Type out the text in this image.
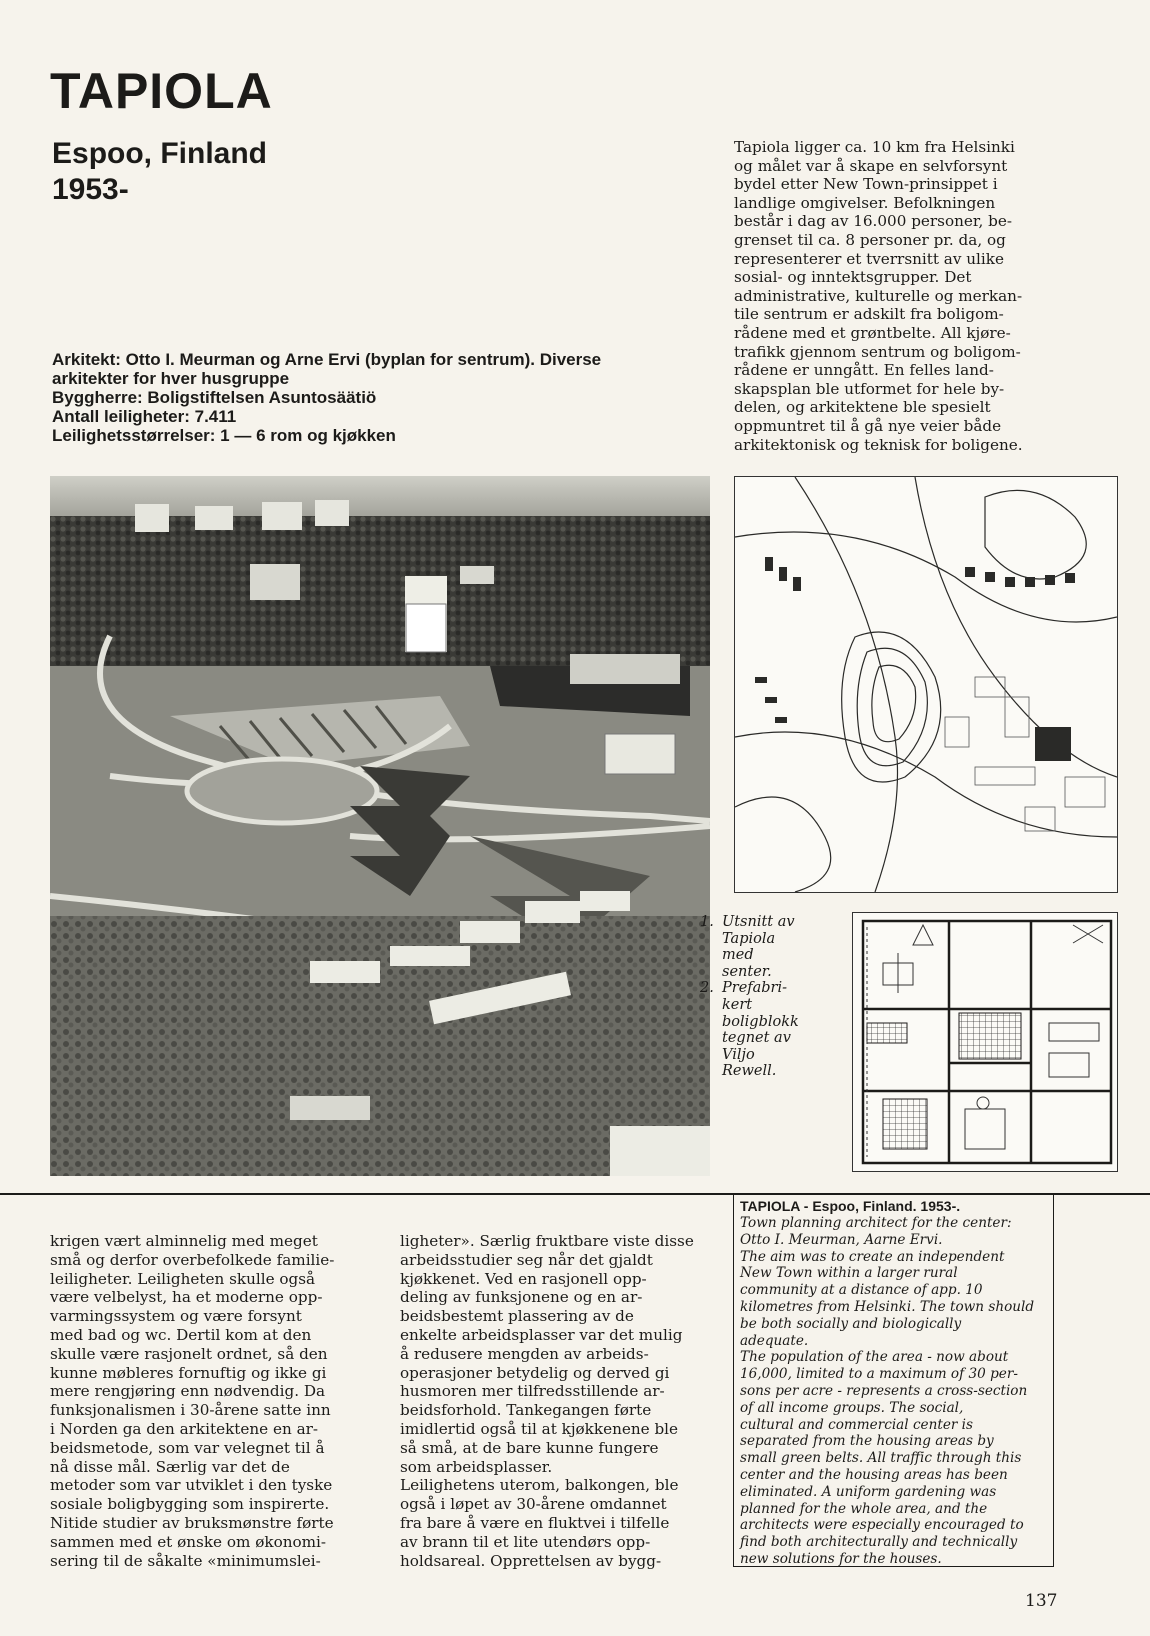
TAPIOLA
Espoo, Finland
1953-
Arkitekt: Otto I. Meurman og Arne Ervi (byplan for sentrum). Diverse
arkitekter for hver husgruppe
Byggherre: Boligstiftelsen Asuntosäätiö
Antall leiligheter: 7.411
Leilighetsstørrelser: 1 — 6 rom og kjøkken
Tapiola ligger ca. 10 km fra Helsinki
og målet var å skape en selvforsynt
bydel etter New Town-prinsippet i
landlige omgivelser. Befolkningen
består i dag av 16.000 personer, be-
grenset til ca. 8 personer pr. da, og
representerer et tverrsnitt av ulike
sosial- og inntektsgrupper. Det
administrative, kulturelle og merkan-
tile sentrum er adskilt fra boligom-
rådene med et grøntbelte. All kjøre-
trafikk gjennom sentrum og boligom-
rådene er unngått. En felles land-
skapsplan ble utformet for hele by-
delen, og arkitektene ble spesielt
oppmuntret til å gå nye veier både
arkitektonisk og teknisk for boligene.
1. Utsnitt av
Tapiola
med
senter.
2. Prefabri-
kert
boligblokk
tegnet av
Viljo
Rewell.
krigen vært alminnelig med meget
små og derfor overbefolkede familie-
leiligheter. Leiligheten skulle også
være velbelyst, ha et moderne opp-
varmingssystem og være forsynt
med bad og wc. Dertil kom at den
skulle være rasjonelt ordnet, så den
kunne møbleres fornuftig og ikke gi
mere rengjøring enn nødvendig. Da
funksjonalismen i 30-årene satte inn
i Norden ga den arkitektene en ar-
beidsmetode, som var velegnet til å
nå disse mål. Særlig var det de
metoder som var utviklet i den tyske
sosiale boligbygging som inspirerte.
Nitide studier av bruksmønstre førte
sammen med et ønske om økonomi-
sering til de såkalte «minimumslei-
ligheter». Særlig fruktbare viste disse
arbeidsstudier seg når det gjaldt
kjøkkenet. Ved en rasjonell opp-
deling av funksjonene og en ar-
beidsbestemt plassering av de
enkelte arbeidsplasser var det mulig
å redusere mengden av arbeids-
operasjoner betydelig og derved gi
husmoren mer tilfredsstillende ar-
beidsforhold. Tankegangen førte
imidlertid også til at kjøkkenene ble
så små, at de bare kunne fungere
som arbeidsplasser.
Leilighetens uterom, balkongen, ble
også i løpet av 30-årene omdannet
fra bare å være en fluktvei i tilfelle
av brann til et lite utendørs opp-
holdsareal. Opprettelsen av bygg-
TAPIOLA - Espoo, Finland. 1953-.
Town planning architect for the center:
Otto I. Meurman, Aarne Ervi.
The aim was to create an independent
New Town within a larger rural
community at a distance of app. 10
kilometres from Helsinki. The town should
be both socially and biologically
adequate.
The population of the area - now about
16,000, limited to a maximum of 30 per-
sons per acre - represents a cross-section
of all income groups. The social,
cultural and commercial center is
separated from the housing areas by
small green belts. All traffic through this
center and the housing areas has been
eliminated. A uniform gardening was
planned for the whole area, and the
architects were especially encouraged to
find both architecturally and technically
new solutions for the houses.
137
